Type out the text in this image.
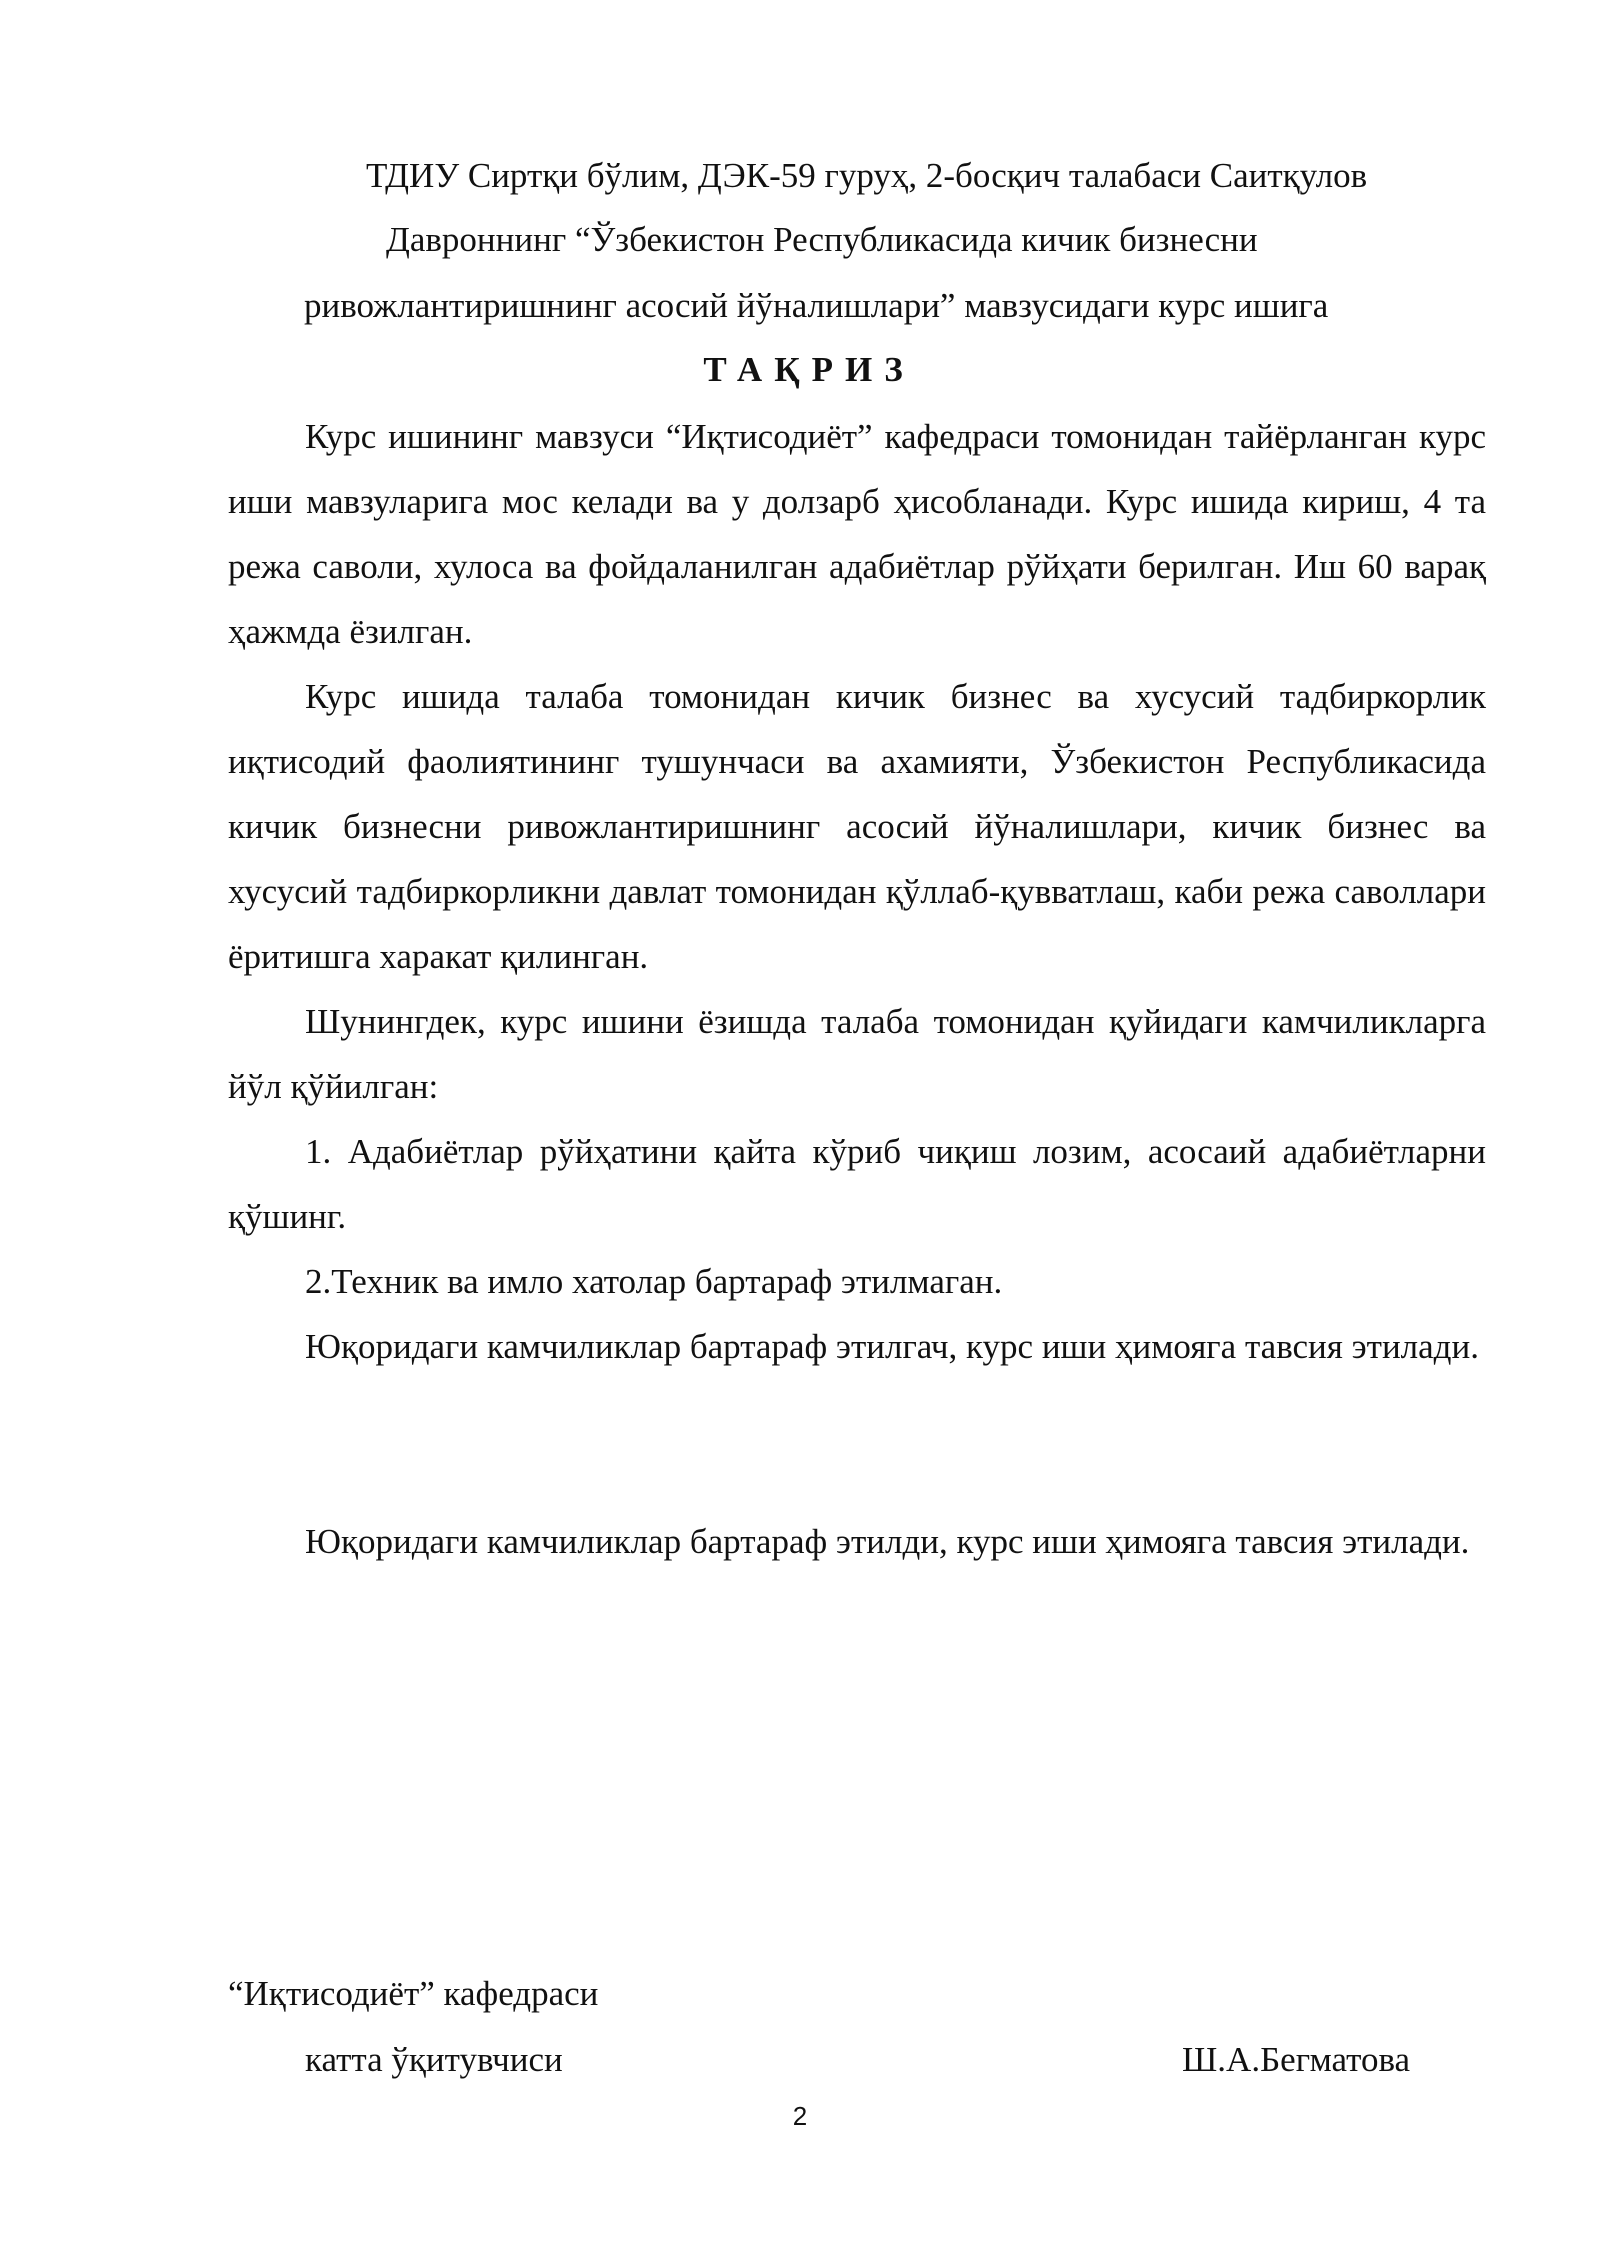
ТДИУ Сиртқи бўлим, ДЭК-59 гуруҳ, 2-босқич талабаси Саитқулов
Давроннинг “Ўзбекистон Республикасида кичик бизнесни
ривожлантиришнинг асосий йўналишлари” мавзусидаги курс ишига
ТАҚРИЗ

Курс ишининг мавзуси “Иқтисодиёт” кафедраси томонидан тайёрланган курс иши мавзуларига мос келади ва у долзарб ҳисобланади. Курс ишида кириш, 4 та режа саволи, хулоса ва фойдаланилган адабиётлар рўйҳати берилган. Иш 60 варақ ҳажмда ёзилган.

Курс ишида талаба томонидан кичик бизнес ва хусусий тадбиркорлик иқтисодий фаолиятининг тушунчаси ва ахамияти, Ўзбекистон Республикасида кичик бизнесни ривожлантиришнинг асосий йўналишлари, кичик бизнес ва хусусий тадбиркорликни давлат томонидан қўллаб-қувватлаш, каби режа саволлари ёритишга харакат қилинган.

Шунингдек, курс ишини ёзишда талаба томонидан қуйидаги камчиликларга йўл қўйилган:

1. Адабиётлар рўйҳатини қайта кўриб чиқиш лозим, асосаий адабиётларни қўшинг.

2.Техник ва имло хатолар бартараф этилмаган.

Юқоридаги камчиликлар бартараф этилгач, курс иши ҳимояга тавсия этилади.

Юқоридаги камчиликлар бартараф этилди, курс иши ҳимояга тавсия этилади.

“Иқтисодиёт” кафедраси
катта ўқитувчиси	Ш.А.Бегматова
2
